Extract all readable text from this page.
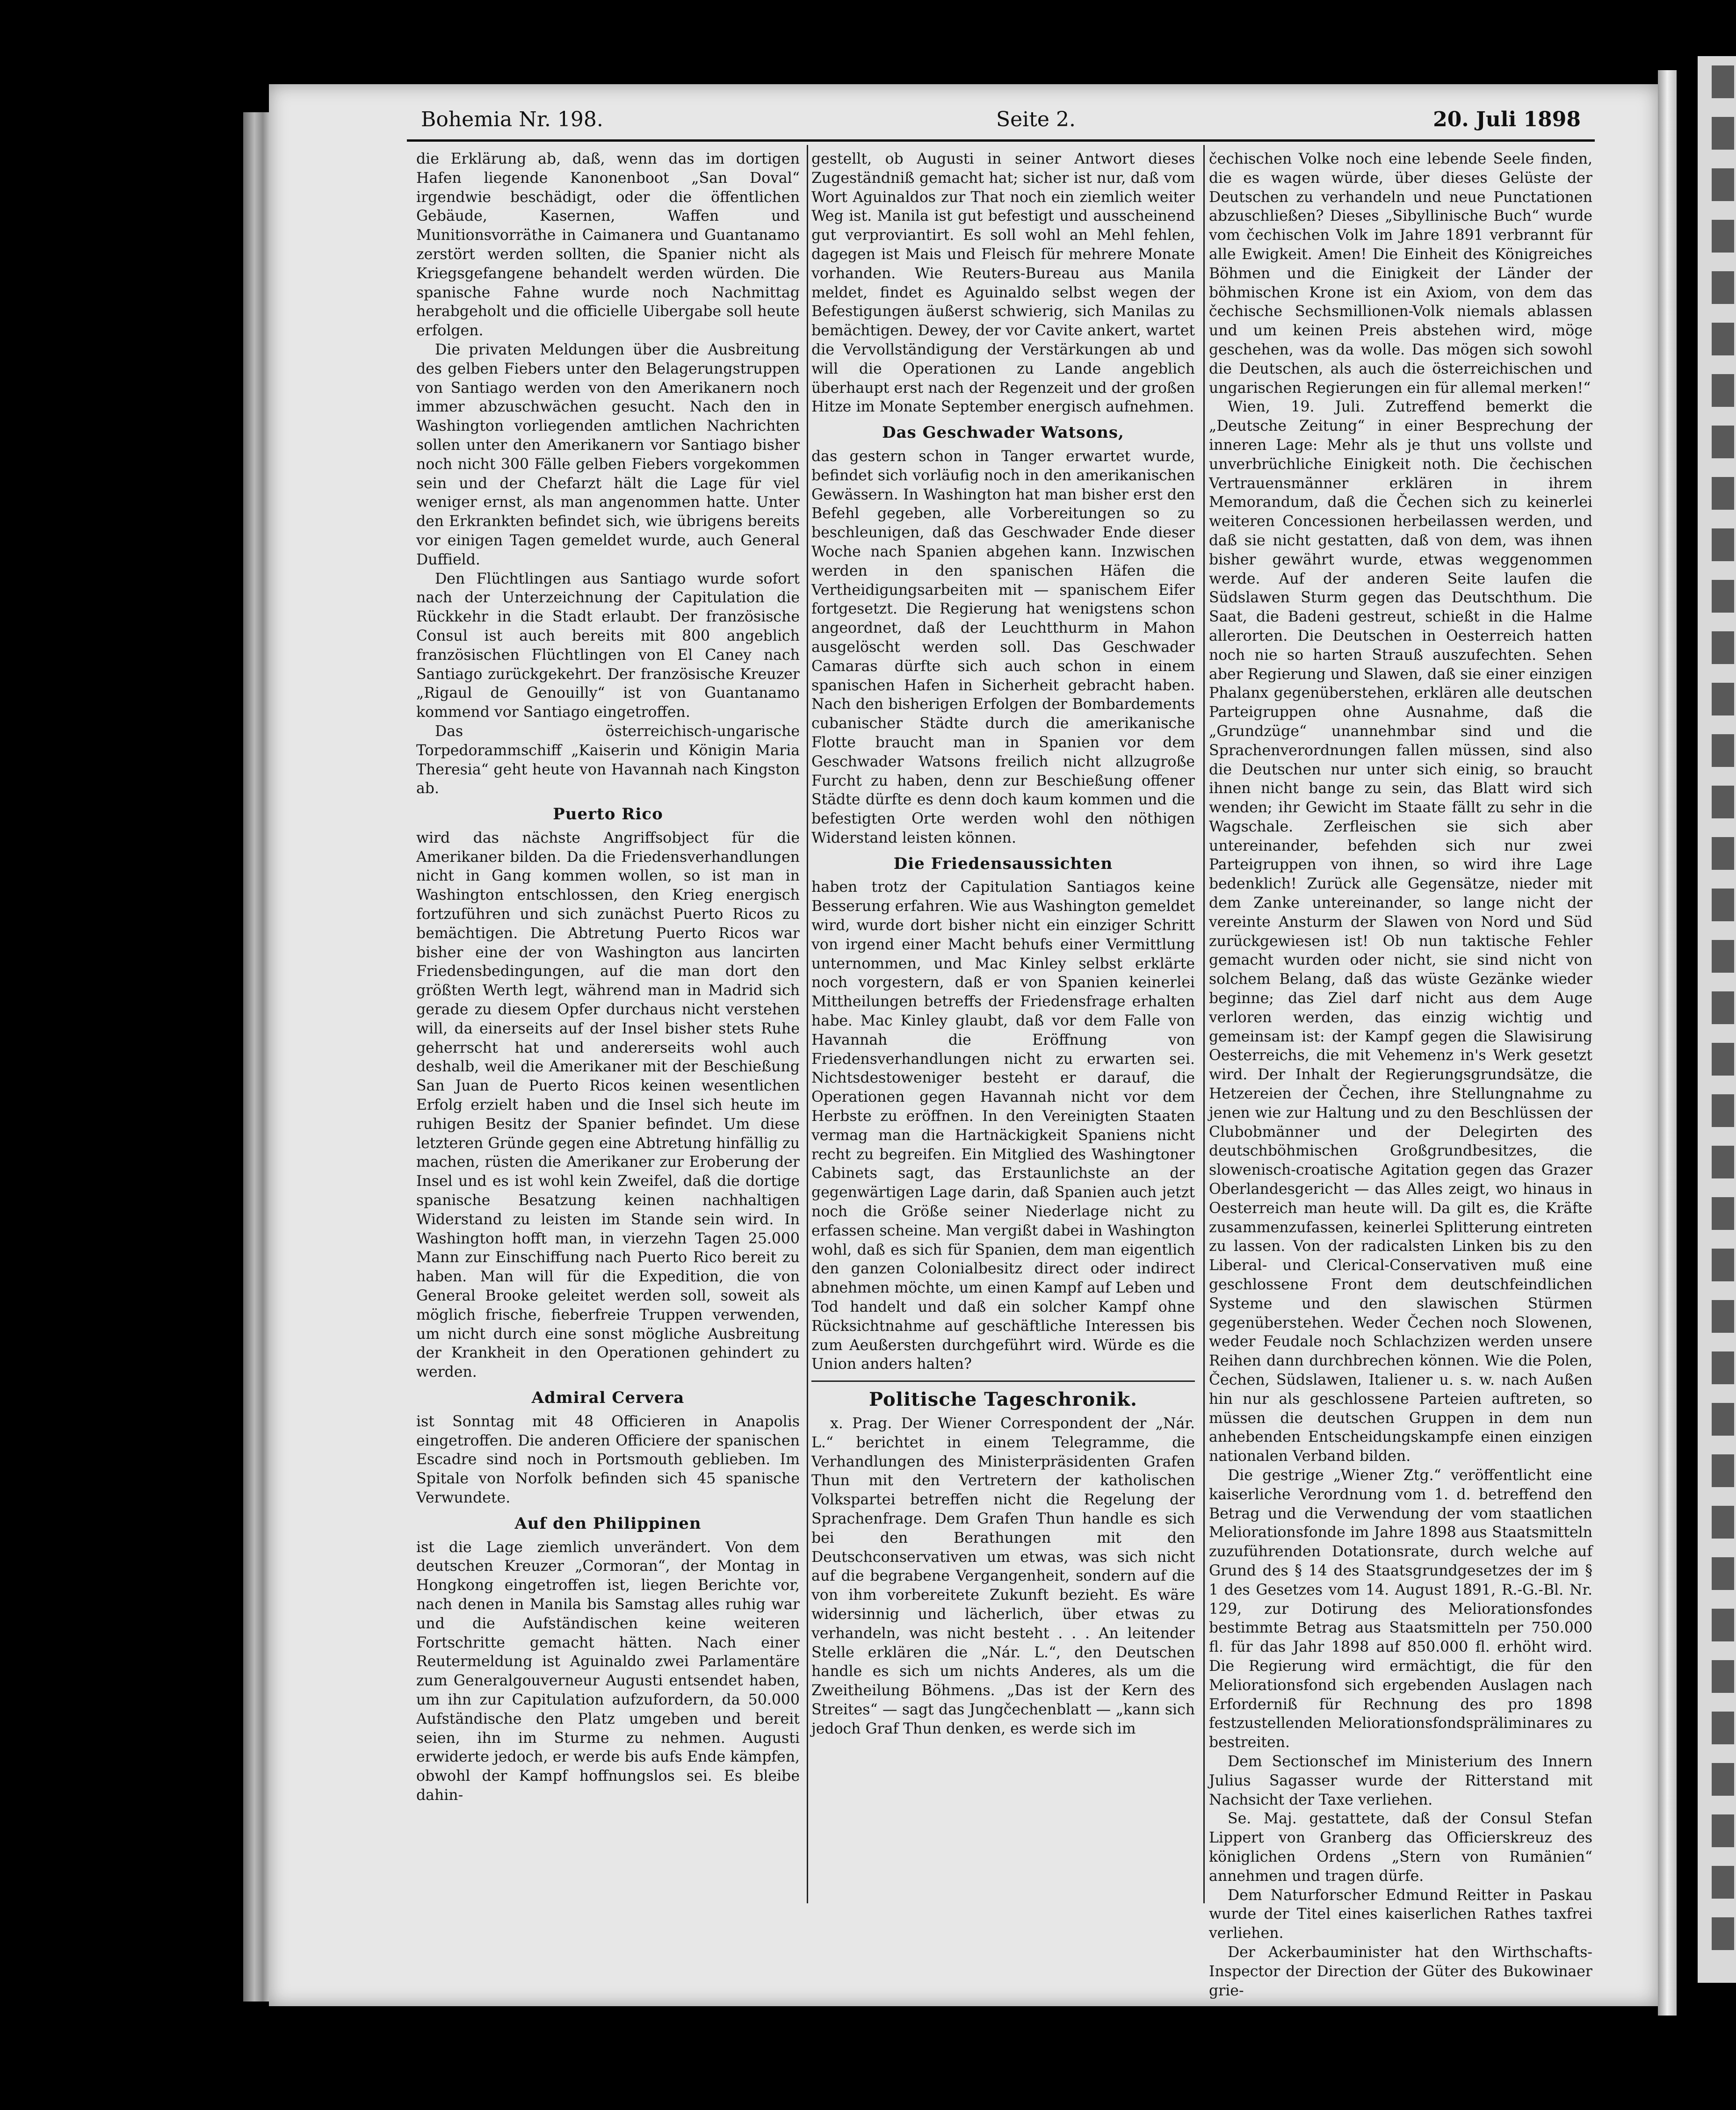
Bohemia Nr. 198.	Seite 2.	20. Juli 1898

die Erklärung ab, daß, wenn das im dortigen Hafen liegende Kanonenboot „San Doval“ irgendwie beschädigt, oder die öffentlichen Gebäude, Kasernen, Waffen und Munitionsvorräthe in Caimanera und Guantanamo zerstört werden sollten, die Spanier nicht als Kriegsgefangene behandelt werden würden. Die spanische Fahne wurde noch Nachmittag herabgeholt und die officielle Uibergabe soll heute erfolgen.

Die privaten Meldungen über die Ausbreitung des gelben Fiebers unter den Belagerungstruppen von Santiago werden von den Amerikanern noch immer abzuschwächen gesucht. Nach den in Washington vorliegenden amtlichen Nachrichten sollen unter den Amerikanern vor Santiago bisher noch nicht 300 Fälle gelben Fiebers vorgekommen sein und der Chefarzt hält die Lage für viel weniger ernst, als man angenommen hatte. Unter den Erkrankten befindet sich, wie übrigens bereits vor einigen Tagen gemeldet wurde, auch General Duffield.

Den Flüchtlingen aus Santiago wurde sofort nach der Unterzeichnung der Capitulation die Rückkehr in die Stadt erlaubt. Der französische Consul ist auch bereits mit 800 angeblich französischen Flüchtlingen von El Caney nach Santiago zurückgekehrt. Der französische Kreuzer „Rigaul de Genouilly“ ist von Guantanamo kommend vor Santiago eingetroffen.

Das österreichisch-ungarische Torpedorammschiff „Kaiserin und Königin Maria Theresia“ geht heute von Havannah nach Kingston ab.

Puerto Rico

wird das nächste Angriffsobject für die Amerikaner bilden. Da die Friedensverhandlungen nicht in Gang kommen wollen, so ist man in Washington entschlossen, den Krieg energisch fortzuführen und sich zunächst Puerto Ricos zu bemächtigen. Die Abtretung Puerto Ricos war bisher eine der von Washington aus lancirten Friedensbedingungen, auf die man dort den größten Werth legt, während man in Madrid sich gerade zu diesem Opfer durchaus nicht verstehen will, da einerseits auf der Insel bisher stets Ruhe geherrscht hat und andererseits wohl auch deshalb, weil die Amerikaner mit der Beschießung San Juan de Puerto Ricos keinen wesentlichen Erfolg erzielt haben und die Insel sich heute im ruhigen Besitz der Spanier befindet. Um diese letzteren Gründe gegen eine Abtretung hinfällig zu machen, rüsten die Amerikaner zur Eroberung der Insel und es ist wohl kein Zweifel, daß die dortige spanische Besatzung keinen nachhaltigen Widerstand zu leisten im Stande sein wird. In Washington hofft man, in vierzehn Tagen 25.000 Mann zur Einschiffung nach Puerto Rico bereit zu haben. Man will für die Expedition, die von General Brooke geleitet werden soll, soweit als möglich frische, fieberfreie Truppen verwenden, um nicht durch eine sonst mögliche Ausbreitung der Krankheit in den Operationen gehindert zu werden.

Admiral Cervera

ist Sonntag mit 48 Officieren in Anapolis eingetroffen. Die anderen Officiere der spanischen Escadre sind noch in Portsmouth geblieben. Im Spitale von Norfolk befinden sich 45 spanische Verwundete.

Auf den Philippinen

ist die Lage ziemlich unverändert. Von dem deutschen Kreuzer „Cormoran“, der Montag in Hongkong eingetroffen ist, liegen Berichte vor, nach denen in Manila bis Samstag alles ruhig war und die Aufständischen keine weiteren Fortschritte gemacht hätten. Nach einer Reutermeldung ist Aguinaldo zwei Parlamentäre zum Generalgouverneur Augusti entsendet haben, um ihn zur Capitulation aufzufordern, da 50.000 Aufständische den Platz umgeben und bereit seien, ihn im Sturme zu nehmen. Augusti erwiderte jedoch, er werde bis aufs Ende kämpfen, obwohl der Kampf hoffnungslos sei. Es bleibe dahin-

gestellt, ob Augusti in seiner Antwort dieses Zugeständniß gemacht hat; sicher ist nur, daß vom Wort Aguinaldos zur That noch ein ziemlich weiter Weg ist. Manila ist gut befestigt und ausscheinend gut verproviantirt. Es soll wohl an Mehl fehlen, dagegen ist Mais und Fleisch für mehrere Monate vorhanden. Wie Reuters-Bureau aus Manila meldet, findet es Aguinaldo selbst wegen der Befestigungen äußerst schwierig, sich Manilas zu bemächtigen. Dewey, der vor Cavite ankert, wartet die Vervollständigung der Verstärkungen ab und will die Operationen zu Lande angeblich überhaupt erst nach der Regenzeit und der großen Hitze im Monate September energisch aufnehmen.

Das Geschwader Watsons,

das gestern schon in Tanger erwartet wurde, befindet sich vorläufig noch in den amerikanischen Gewässern. In Washington hat man bisher erst den Befehl gegeben, alle Vorbereitungen so zu beschleunigen, daß das Geschwader Ende dieser Woche nach Spanien abgehen kann. Inzwischen werden in den spanischen Häfen die Vertheidigungsarbeiten mit — spanischem Eifer fortgesetzt. Die Regierung hat wenigstens schon angeordnet, daß der Leuchtthurm in Mahon ausgelöscht werden soll. Das Geschwader Camaras dürfte sich auch schon in einem spanischen Hafen in Sicherheit gebracht haben. Nach den bisherigen Erfolgen der Bombardements cubanischer Städte durch die amerikanische Flotte braucht man in Spanien vor dem Geschwader Watsons freilich nicht allzugroße Furcht zu haben, denn zur Beschießung offener Städte dürfte es denn doch kaum kommen und die befestigten Orte werden wohl den nöthigen Widerstand leisten können.

Die Friedensaussichten

haben trotz der Capitulation Santiagos keine Besserung erfahren. Wie aus Washington gemeldet wird, wurde dort bisher nicht ein einziger Schritt von irgend einer Macht behufs einer Vermittlung unternommen, und Mac Kinley selbst erklärte noch vorgestern, daß er von Spanien keinerlei Mittheilungen betreffs der Friedensfrage erhalten habe. Mac Kinley glaubt, daß vor dem Falle von Havannah die Eröffnung von Friedensverhandlungen nicht zu erwarten sei. Nichtsdestoweniger besteht er darauf, die Operationen gegen Havannah nicht vor dem Herbste zu eröffnen. In den Vereinigten Staaten vermag man die Hartnäckigkeit Spaniens nicht recht zu begreifen. Ein Mitglied des Washingtoner Cabinets sagt, das Erstaunlichste an der gegenwärtigen Lage darin, daß Spanien auch jetzt noch die Größe seiner Niederlage nicht zu erfassen scheine. Man vergißt dabei in Washington wohl, daß es sich für Spanien, dem man eigentlich den ganzen Colonialbesitz direct oder indirect abnehmen möchte, um einen Kampf auf Leben und Tod handelt und daß ein solcher Kampf ohne Rücksichtnahme auf geschäftliche Interessen bis zum Aeußersten durchgeführt wird. Würde es die Union anders halten?

Politische Tageschronik.

x. Prag. Der Wiener Correspondent der „Nár. L.“ berichtet in einem Telegramme, die Verhandlungen des Ministerpräsidenten Grafen Thun mit den Vertretern der katholischen Volkspartei betreffen nicht die Regelung der Sprachenfrage. Dem Grafen Thun handle es sich bei den Berathungen mit den Deutschconservativen um etwas, was sich nicht auf die begrabene Vergangenheit, sondern auf die von ihm vorbereitete Zukunft bezieht. Es wäre widersinnig und lächerlich, über etwas zu verhandeln, was nicht besteht . . . An leitender Stelle erklären die „Nár. L.“, den Deutschen handle es sich um nichts Anderes, als um die Zweitheilung Böhmens. „Das ist der Kern des Streites“ — sagt das Jungčechenblatt — „kann sich jedoch Graf Thun denken, es werde sich im

čechischen Volke noch eine lebende Seele finden, die es wagen würde, über dieses Gelüste der Deutschen zu verhandeln und neue Punctationen abzuschließen? Dieses „Sibyllinische Buch“ wurde vom čechischen Volk im Jahre 1891 verbrannt für alle Ewigkeit. Amen! Die Einheit des Königreiches Böhmen und die Einigkeit der Länder der böhmischen Krone ist ein Axiom, von dem das čechische Sechsmillionen-Volk niemals ablassen und um keinen Preis abstehen wird, möge geschehen, was da wolle. Das mögen sich sowohl die Deutschen, als auch die österreichischen und ungarischen Regierungen ein für allemal merken!“

Wien, 19. Juli. Zutreffend bemerkt die „Deutsche Zeitung“ in einer Besprechung der inneren Lage: Mehr als je thut uns vollste und unverbrüchliche Einigkeit noth. Die čechischen Vertrauensmänner erklären in ihrem Memorandum, daß die Čechen sich zu keinerlei weiteren Concessionen herbeilassen werden, und daß sie nicht gestatten, daß von dem, was ihnen bisher gewährt wurde, etwas weggenommen werde. Auf der anderen Seite laufen die Südslawen Sturm gegen das Deutschthum. Die Saat, die Badeni gestreut, schießt in die Halme allerorten. Die Deutschen in Oesterreich hatten noch nie so harten Strauß auszufechten. Sehen aber Regierung und Slawen, daß sie einer einzigen Phalanx gegenüberstehen, erklären alle deutschen Parteigruppen ohne Ausnahme, daß die „Grundzüge“ unannehmbar sind und die Sprachenverordnungen fallen müssen, sind also die Deutschen nur unter sich einig, so braucht ihnen nicht bange zu sein, das Blatt wird sich wenden; ihr Gewicht im Staate fällt zu sehr in die Wagschale. Zerfleischen sie sich aber untereinander, befehden sich nur zwei Parteigruppen von ihnen, so wird ihre Lage bedenklich! Zurück alle Gegensätze, nieder mit dem Zanke untereinander, so lange nicht der vereinte Ansturm der Slawen von Nord und Süd zurückgewiesen ist! Ob nun taktische Fehler gemacht wurden oder nicht, sie sind nicht von solchem Belang, daß das wüste Gezänke wieder beginne; das Ziel darf nicht aus dem Auge verloren werden, das einzig wichtig und gemeinsam ist: der Kampf gegen die Slawisirung Oesterreichs, die mit Vehemenz in's Werk gesetzt wird. Der Inhalt der Regierungsgrundsätze, die Hetzereien der Čechen, ihre Stellungnahme zu jenen wie zur Haltung und zu den Beschlüssen der Clubobmänner und der Delegirten des deutschböhmischen Großgrundbesitzes, die slowenisch-croatische Agitation gegen das Grazer Oberlandesgericht — das Alles zeigt, wo hinaus in Oesterreich man heute will. Da gilt es, die Kräfte zusammenzufassen, keinerlei Splitterung eintreten zu lassen. Von der radicalsten Linken bis zu den Liberal- und Clerical-Conservativen muß eine geschlossene Front dem deutschfeindlichen Systeme und den slawischen Stürmen gegenüberstehen. Weder Čechen noch Slowenen, weder Feudale noch Schlachzizen werden unsere Reihen dann durchbrechen können. Wie die Polen, Čechen, Südslawen, Italiener u. s. w. nach Außen hin nur als geschlossene Parteien auftreten, so müssen die deutschen Gruppen in dem nun anhebenden Entscheidungskampfe einen einzigen nationalen Verband bilden.

Die gestrige „Wiener Ztg.“ veröffentlicht eine kaiserliche Verordnung vom 1. d. betreffend den Betrag und die Verwendung der vom staatlichen Meliorationsfonde im Jahre 1898 aus Staatsmitteln zuzuführenden Dotationsrate, durch welche auf Grund des § 14 des Staatsgrundgesetzes der im § 1 des Gesetzes vom 14. August 1891, R.-G.-Bl. Nr. 129, zur Dotirung des Meliorationsfondes bestimmte Betrag aus Staatsmitteln per 750.000 fl. für das Jahr 1898 auf 850.000 fl. erhöht wird. Die Regierung wird ermächtigt, die für den Meliorationsfond sich ergebenden Auslagen nach Erforderniß für Rechnung des pro 1898 festzustellenden Meliorationsfondspräliminares zu bestreiten.

Dem Sectionschef im Ministerium des Innern Julius Sagasser wurde der Ritterstand mit Nachsicht der Taxe verliehen.

Se. Maj. gestattete, daß der Consul Stefan Lippert von Granberg das Officierskreuz des königlichen Ordens „Stern von Rumänien“ annehmen und tragen dürfe.

Dem Naturforscher Edmund Reitter in Paskau wurde der Titel eines kaiserlichen Rathes taxfrei verliehen.

Der Ackerbauminister hat den Wirthschafts-Inspector der Direction der Güter des Bukowinaer grie-
